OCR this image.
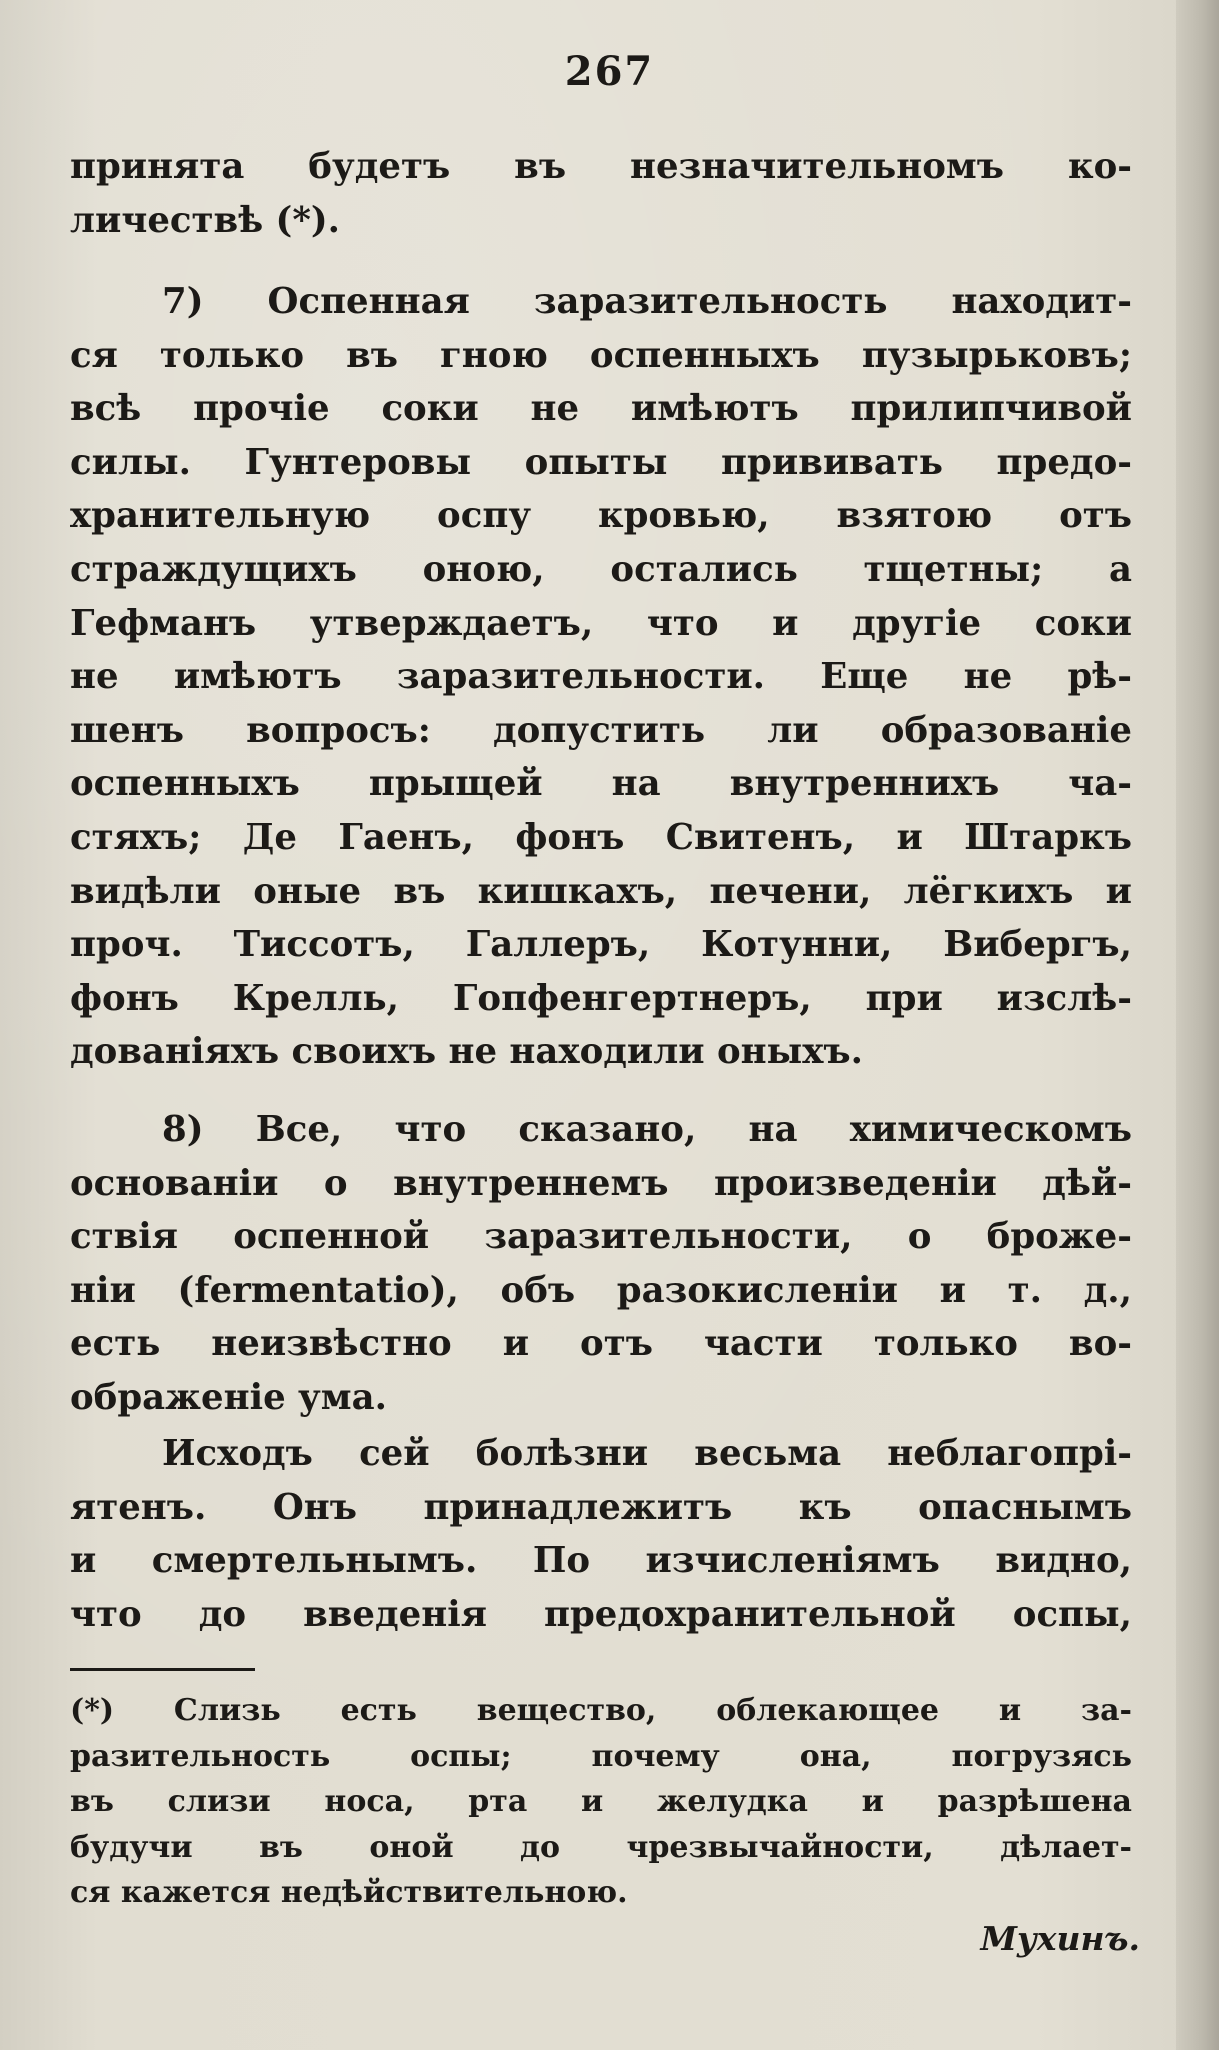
267
принята будетъ въ незначительномъ ко-
личествѣ (*).
7) Оспенная заразительность находит-
ся только въ гною оспенныхъ пузырьковъ;
всѣ прочіе соки не имѣютъ прилипчивой
силы. Гунтеровы опыты прививать предо-
хранительную оспу кровью, взятою отъ
страждущихъ оною, остались тщетны; а
Гефманъ утверждаетъ, что и другіе соки
не имѣютъ заразительности. Еще не рѣ-
шенъ вопросъ: допустить ли образованіе
оспенныхъ прыщей на внутреннихъ ча-
стяхъ; Де Гаенъ, фонъ Свитенъ, и Штаркъ
видѣли оные въ кишкахъ, печени, лёгкихъ и
проч. Тиссотъ, Галлеръ, Котунни, Вибергъ,
фонъ Крелль, Гопфенгертнеръ, при изслѣ-
дованіяхъ своихъ не находили оныхъ.
8) Все, что сказано, на химическомъ
основаніи о внутреннемъ произведеніи дѣй-
ствія оспенной заразительности, о броже-
ніи (fermentatio), объ разокисленіи и т. д.,
есть неизвѣстно и отъ части только во-
ображеніе ума.
Исходъ сей болѣзни весьма неблагопрі-
ятенъ. Онъ принадлежитъ къ опаснымъ
и смертельнымъ. По изчисленіямъ видно,
что до введенія предохранительной оспы,
(*) Слизь есть вещество, облекающее и за-
разительность оспы; почему она, погрузясь
въ слизи носа, рта и желудка и разрѣшена
будучи въ оной до чрезвычайности, дѣлает-
ся кажется недѣйствительною.
Мухинъ.
